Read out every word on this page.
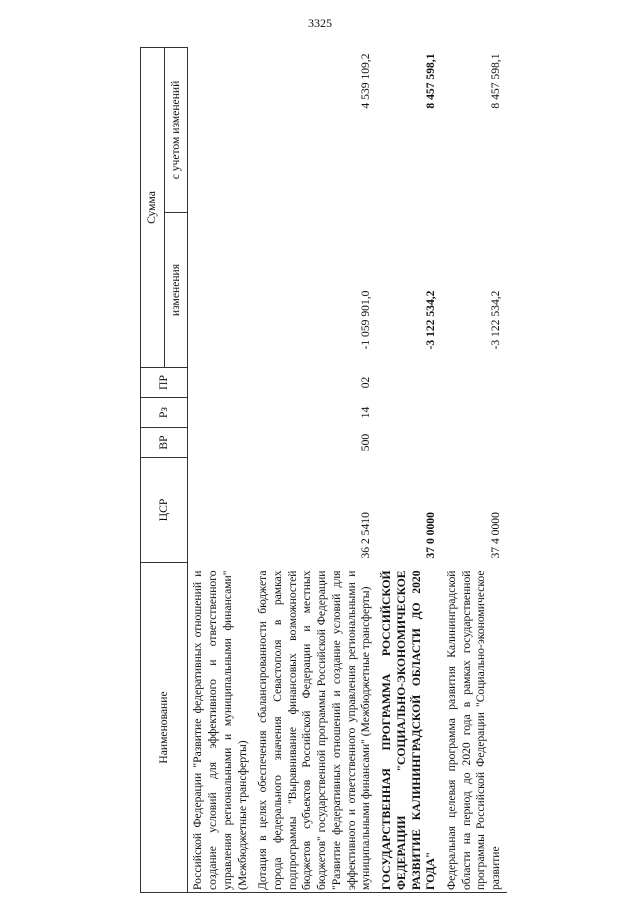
3325
Наименование	ЦСР	ВР	Рз	ПР	Сумма	
					изменения	с учетом изменений
Российской Федерации "Развитие федеративных отношений и создание условий для эффективного и ответственного управления региональными и муниципальными финансами" (Межбюджетные трансферты)						
Дотация в целях обеспечения сбалансированности бюджета города федерального значения Севастополя в рамках подпрограммы "Выравнивание финансовых возможностей бюджетов субъектов Российской Федерации и местных бюджетов" государственной программы Российской Федерации "Развитие федеративных отношений и создание условий для эффективного и ответственного управления региональными и муниципальными финансами" (Межбюджетные трансферты)	36 2 5410	500	14	02	-1 059 901,0	4 539 109,2
ГОСУДАРСТВЕННАЯ ПРОГРАММА РОССИЙСКОЙ ФЕДЕРАЦИИ "СОЦИАЛЬНО-ЭКОНОМИЧЕСКОЕ РАЗВИТИЕ КАЛИНИНГРАДСКОЙ ОБЛАСТИ ДО 2020 ГОДА"	37 0 0000				-3 122 534,2	8 457 598,1
Федеральная целевая программа развития Калининградской области на период до 2020 года в рамках государственной программы Российской Федерации "Социально-экономическое развитие	37 4 0000				-3 122 534,2	8 457 598,1
